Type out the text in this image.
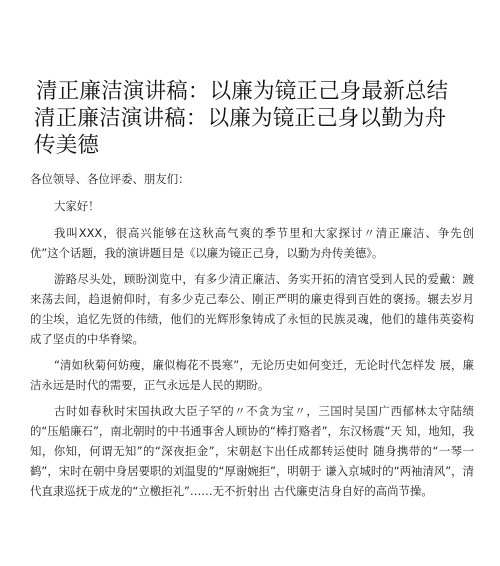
清正廉洁演讲稿：以廉为镜正己身最新总结
清正廉洁演讲稿：以廉为镜正己身以勤为舟
传美德

各位领导、各位评委、朋友们：

大家好！

我叫XXX，很高兴能够在这秋高气爽的季节里和大家探讨〃清正廉洁、争先创 优”这个话题，我的演讲题目是《以廉为镜正己身，以勤为舟传美德》。

游路尽头处，顾盼浏览中，有多少清正廉洁、务实开拓的清官受到人民的爱戴：踱来荡去间，趋退俯仰时，有多少克己奉公、刚正严明的廉吏得到百姓的褒扬。辗去岁月的尘埃，追忆先贤的伟绩，他们的光辉形象铸成了永恒的民族灵魂，他们的雄伟英姿构成了坚贞的中华脊梁。

“清如秋菊何妨瘦，廉似梅花不畏寒”，无论历史如何变迁，无论时代怎样发 展，廉洁永远是时代的需要，正气永远是人民的期盼。

古时如春秋时宋国执政大臣子罕的〃不贪为宝〃，三国时吴国广西郁林太守陆绩的“压船廉石”，南北朝时的中书通事舍人顾协的“棒打赂者”，东汉杨震“天 知，地知，我知，你知，何谓无知”的“深夜拒金”，宋朝赵卞出任成都转运使时 随身携带的“一琴一鹤”，宋时在朝中身居要职的刘温叟的“厚谢婉拒”，明朝于 谦入京城时的“两袖清风”，清代直隶巡抚于成龙的“立檄拒礼”……无不折射出 古代廉吏洁身自好的高尚节操。
